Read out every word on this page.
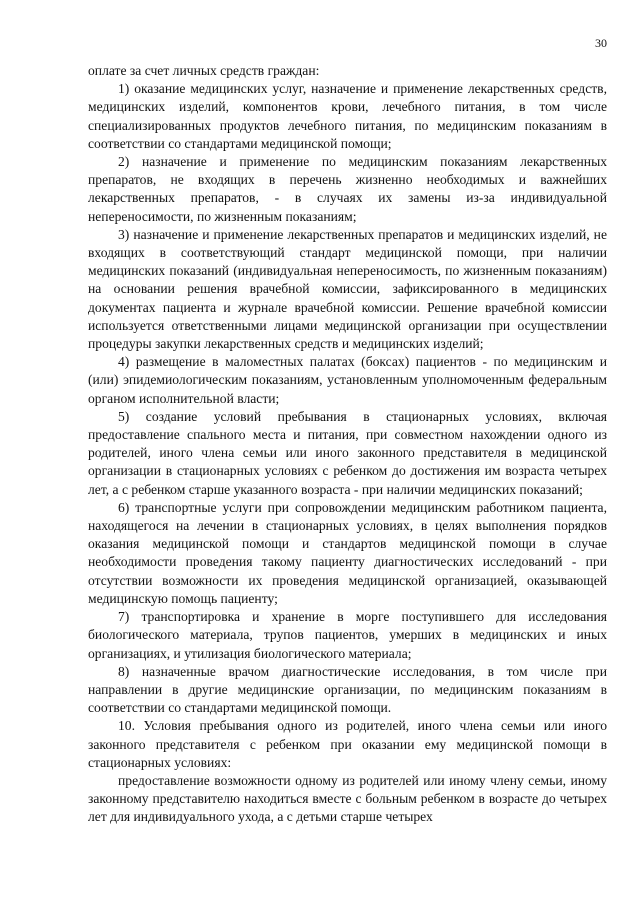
30

оплате за счет личных средств граждан:

1) оказание медицинских услуг, назначение и применение лекарственных средств, медицинских изделий, компонентов крови, лечебного питания, в том числе специализированных продуктов лечебного питания, по медицинским показаниям в соответствии со стандартами медицинской помощи;

2) назначение и применение по медицинским показаниям лекарственных препаратов, не входящих в перечень жизненно необходимых и важнейших лекарственных препаратов, - в случаях их замены из-за индивидуальной непереносимости, по жизненным показаниям;

3) назначение и применение лекарственных препаратов и медицинских изделий, не входящих в соответствующий стандарт медицинской помощи, при наличии медицинских показаний (индивидуальная непереносимость, по жизненным показаниям) на основании решения врачебной комиссии, зафиксированного в медицинских документах пациента и журнале врачебной комиссии. Решение врачебной комиссии используется ответственными лицами медицинской организации при осуществлении процедуры закупки лекарственных средств и медицинских изделий;

4) размещение в маломестных палатах (боксах) пациентов - по медицинским и (или) эпидемиологическим показаниям, установленным уполномоченным федеральным органом исполнительной власти;

5) создание условий пребывания в стационарных условиях, включая предоставление спального места и питания, при совместном нахождении одного из родителей, иного члена семьи или иного законного представителя в медицинской организации в стационарных условиях с ребенком до достижения им возраста четырех лет, а с ребенком старше указанного возраста - при наличии медицинских показаний;

6) транспортные услуги при сопровождении медицинским работником пациента, находящегося на лечении в стационарных условиях, в целях выполнения порядков оказания медицинской помощи и стандартов медицинской помощи в случае необходимости проведения такому пациенту диагностических исследований - при отсутствии возможности их проведения медицинской организацией, оказывающей медицинскую помощь пациенту;

7) транспортировка и хранение в морге поступившего для исследования биологического материала, трупов пациентов, умерших в медицинских и иных организациях, и утилизация биологического материала;

8) назначенные врачом диагностические исследования, в том числе при направлении в другие медицинские организации, по медицинским показаниям в соответствии со стандартами медицинской помощи.

10. Условия пребывания одного из родителей, иного члена семьи или иного законного представителя с ребенком при оказании ему медицинской помощи в стационарных условиях:

предоставление возможности одному из родителей или иному члену семьи, иному законному представителю находиться вместе с больным ребенком в возрасте до четырех лет для индивидуального ухода, а с детьми старше четырех
